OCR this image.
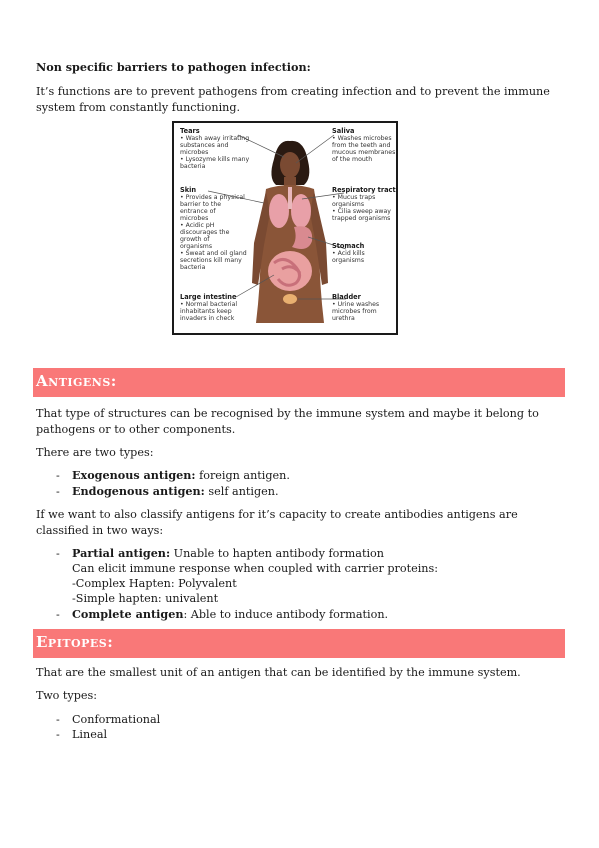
Non specific barriers to pathogen infection:

It’s functions are to prevent pathogens from creating infection and to prevent the immune system from constantly functioning.

Tears
• Wash away irritating
substances and
microbes
• Lysozyme kills many
bacteria
Skin
• Provides a physical
barrier to the
entrance of
microbes
• Acidic pH
discourages the
growth of
organisms
• Sweat and oil gland
secretions kill many
bacteria
Large intestine
• Normal bacterial
inhabitants keep
invaders in check
Saliva
• Washes microbes
from the teeth and
mucous membranes
of the mouth
Respiratory tract
• Mucus traps
organisms
• Cilia sweep away
trapped organisms
Stomach
• Acid kills organisms
Bladder
• Urine washes
microbes from
urethra
Antigens:

That type of structures can be recognised by the immune system and maybe it belong to pathogens or to other components.

There are two types:

- Exogenous antigen: foreign antigen.
- Endogenous antigen: self antigen.

If we want to also classify antigens for it’s capacity to create antibodies antigens are classified in two ways:

- Partial antigen: Unable to hapten antibody formation
Can elicit immune response when coupled with carrier proteins:
-Complex Hapten: Polyvalent
-Simple hapten: univalent
- Complete antigen: Able to induce antibody formation.
Epitopes:

That are the smallest unit of an antigen that can be identified by the immune system.

Two types:

- Conformational
- Lineal
